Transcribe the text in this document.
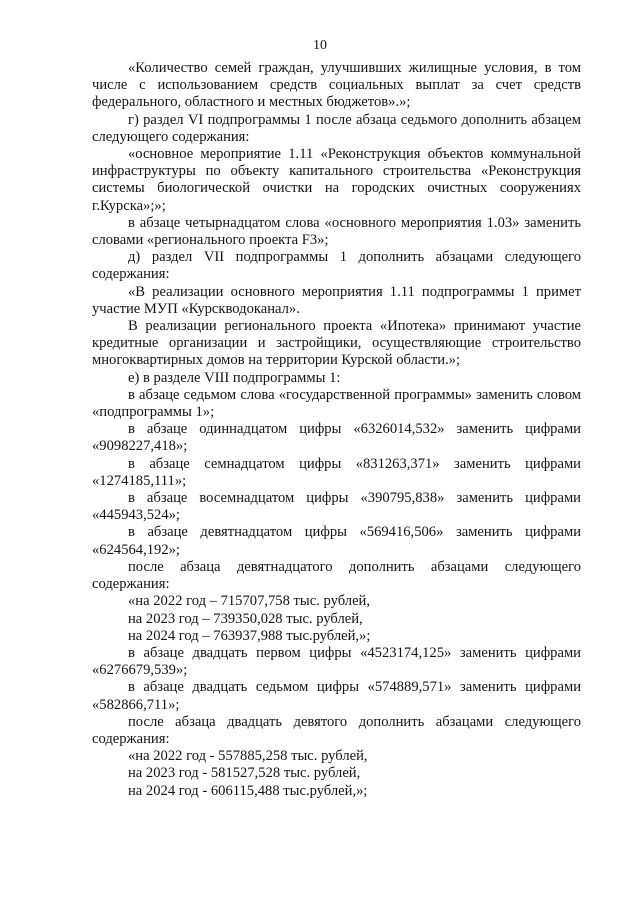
10

«Количество семей граждан, улучшивших жилищные условия, в том числе с использованием средств социальных выплат за счет средств федерального, областного и местных бюджетов».»;

г) раздел VI подпрограммы 1 после абзаца седьмого дополнить абзацем следующего содержания:

«основное мероприятие 1.11 «Реконструкция объектов коммунальной инфраструктуры по объекту капитального строительства «Реконструкция системы биологической очистки на городских очистных сооружениях г.Курска»;»;

в абзаце четырнадцатом слова «основного мероприятия 1.03» заменить словами «регионального проекта F3»;

д) раздел VII подпрограммы 1 дополнить абзацами следующего содержания:

«В реализации основного мероприятия 1.11 подпрограммы 1 примет участие МУП «Курскводоканал».

В реализации регионального проекта «Ипотека» принимают участие кредитные организации и застройщики, осуществляющие строительство многоквартирных домов на территории Курской области.»;

е) в разделе VIII подпрограммы 1:

в абзаце седьмом слова «государственной программы» заменить словом «подпрограммы 1»;

в абзаце одиннадцатом цифры «6326014,532» заменить цифрами «9098227,418»;

в абзаце семнадцатом цифры «831263,371» заменить цифрами «1274185,111»;

в абзаце восемнадцатом цифры «390795,838» заменить цифрами «445943,524»;

в абзаце девятнадцатом цифры «569416,506» заменить цифрами «624564,192»;

после абзаца девятнадцатого дополнить абзацами следующего содержания:

«на 2022 год – 715707,758 тыс. рублей,

на 2023 год – 739350,028 тыс. рублей,

на 2024 год – 763937,988 тыс.рублей,»;

в абзаце двадцать первом цифры «4523174,125» заменить цифрами «6276679,539»;

в абзаце двадцать седьмом цифры «574889,571» заменить цифрами «582866,711»;

после абзаца двадцать девятого дополнить абзацами следующего содержания:

«на 2022 год - 557885,258 тыс. рублей,

на 2023 год - 581527,528 тыс. рублей,

на 2024 год - 606115,488 тыс.рублей,»;
